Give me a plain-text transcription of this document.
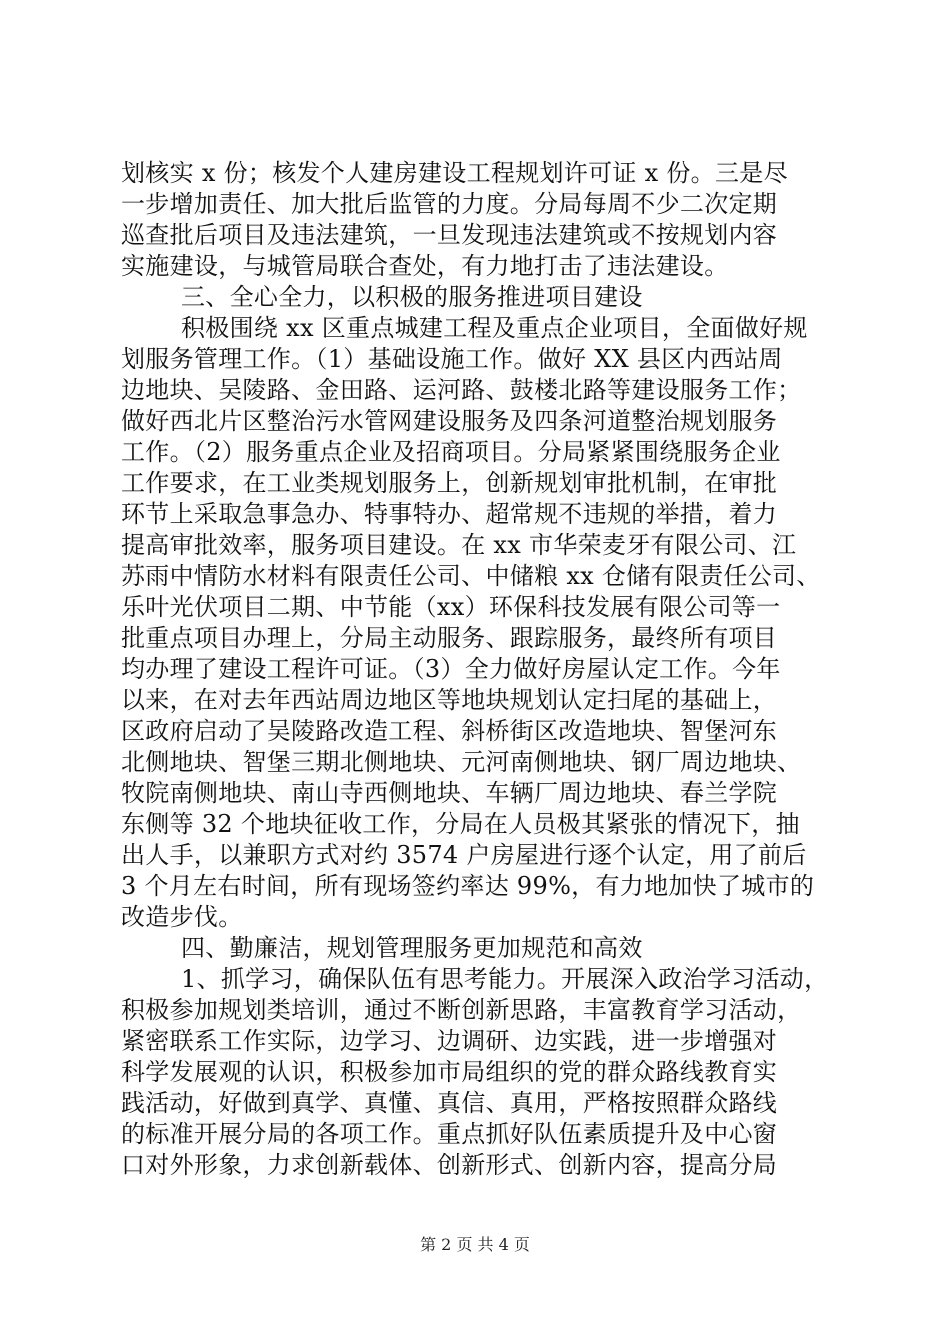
划核实 x 份；核发个人建房建设工程规划许可证 x 份。三是尽
一步增加责任、加大批后监管的力度。分局每周不少二次定期
巡查批后项目及违法建筑，一旦发现违法建筑或不按规划内容
实施建设，与城管局联合查处，有力地打击了违法建设。
三、全心全力，以积极的服务推进项目建设
积极围绕 xx 区重点城建工程及重点企业项目，全面做好规
划服务管理工作。（1）基础设施工作。做好 XX 县区内西站周
边地块、吴陵路、金田路、运河路、鼓楼北路等建设服务工作；
做好西北片区整治污水管网建设服务及四条河道整治规划服务
工作。（2）服务重点企业及招商项目。分局紧紧围绕服务企业
工作要求，在工业类规划服务上，创新规划审批机制，在审批
环节上采取急事急办、特事特办、超常规不违规的举措，着力
提高审批效率，服务项目建设。在 xx 市华荣麦牙有限公司、江
苏雨中情防水材料有限责任公司、中储粮 xx 仓储有限责任公司、
乐叶光伏项目二期、中节能（xx）环保科技发展有限公司等一
批重点项目办理上，分局主动服务、跟踪服务，最终所有项目
均办理了建设工程许可证。（3）全力做好房屋认定工作。今年
以来，在对去年西站周边地区等地块规划认定扫尾的基础上，
区政府启动了吴陵路改造工程、斜桥街区改造地块、智堡河东
北侧地块、智堡三期北侧地块、元河南侧地块、钢厂周边地块、
牧院南侧地块、南山寺西侧地块、车辆厂周边地块、春兰学院
东侧等 32 个地块征收工作，分局在人员极其紧张的情况下，抽
出人手，以兼职方式对约 3574 户房屋进行逐个认定，用了前后
3 个月左右时间，所有现场签约率达 99%，有力地加快了城市的
改造步伐。
四、勤廉洁，规划管理服务更加规范和高效
1、抓学习，确保队伍有思考能力。开展深入政治学习活动，
积极参加规划类培训，通过不断创新思路，丰富教育学习活动，
紧密联系工作实际，边学习、边调研、边实践，进一步增强对
科学发展观的认识，积极参加市局组织的党的群众路线教育实
践活动，好做到真学、真懂、真信、真用，严格按照群众路线
的标准开展分局的各项工作。重点抓好队伍素质提升及中心窗
口对外形象，力求创新载体、创新形式、创新内容，提高分局
第 2 页 共 4 页
